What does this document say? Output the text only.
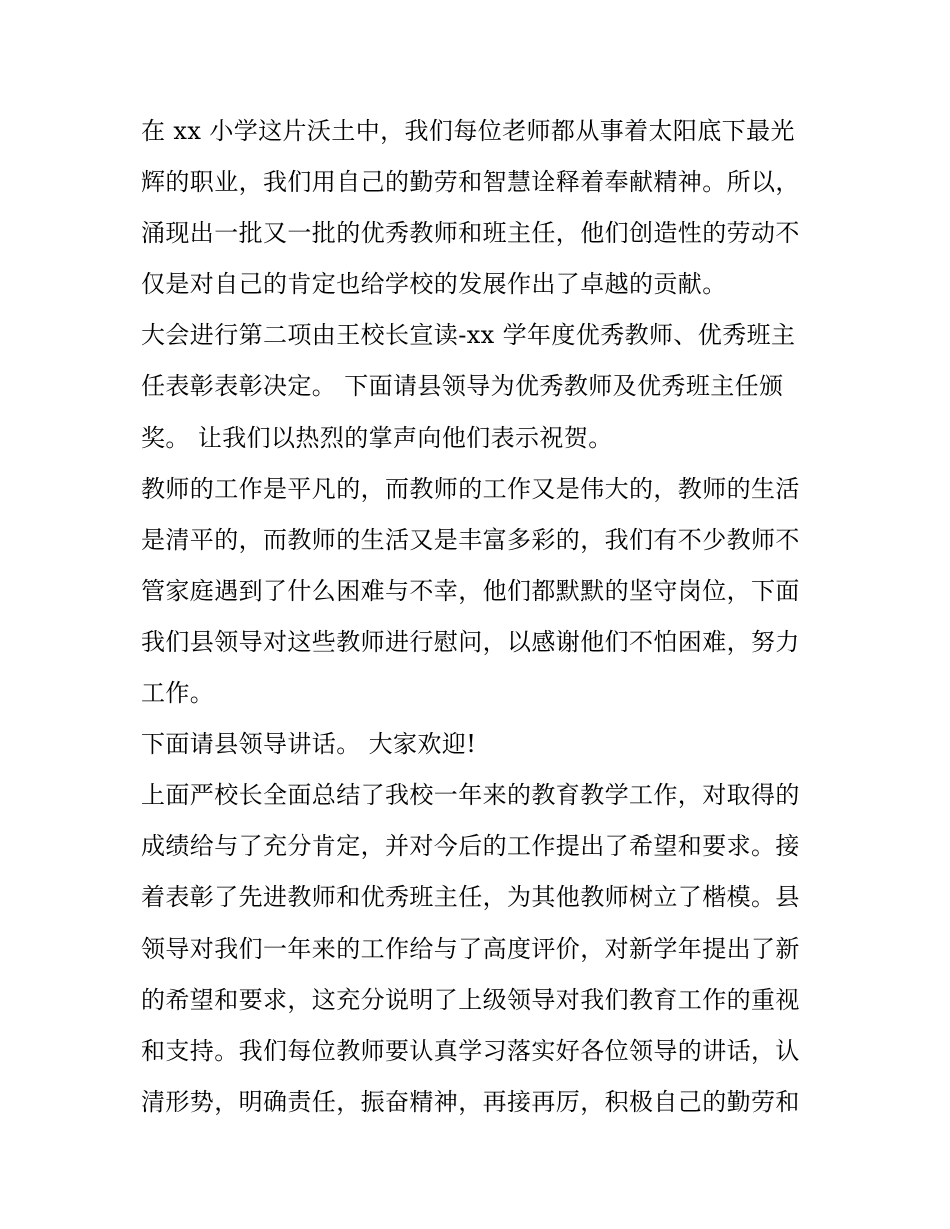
在 xx 小学这片沃土中，我们每位老师都从事着太阳底下最光
辉的职业，我们用自己的勤劳和智慧诠释着奉献精神。所以，
涌现出一批又一批的优秀教师和班主任，他们创造性的劳动不
仅是对自己的肯定也给学校的发展作出了卓越的贡献。
大会进行第二项由王校长宣读-xx 学年度优秀教师、优秀班主
任表彰表彰决定。 下面请县领导为优秀教师及优秀班主任颁
奖。 让我们以热烈的掌声向他们表示祝贺。
教师的工作是平凡的，而教师的工作又是伟大的，教师的生活
是清平的，而教师的生活又是丰富多彩的，我们有不少教师不
管家庭遇到了什么困难与不幸，他们都默默的坚守岗位，下面
我们县领导对这些教师进行慰问，以感谢他们不怕困难，努力
工作。
下面请县领导讲话。 大家欢迎!
上面严校长全面总结了我校一年来的教育教学工作，对取得的
成绩给与了充分肯定，并对今后的工作提出了希望和要求。接
着表彰了先进教师和优秀班主任，为其他教师树立了楷模。县
领导对我们一年来的工作给与了高度评价，对新学年提出了新
的希望和要求，这充分说明了上级领导对我们教育工作的重视
和支持。我们每位教师要认真学习落实好各位领导的讲话，认
清形势，明确责任，振奋精神，再接再厉，积极自己的勤劳和
